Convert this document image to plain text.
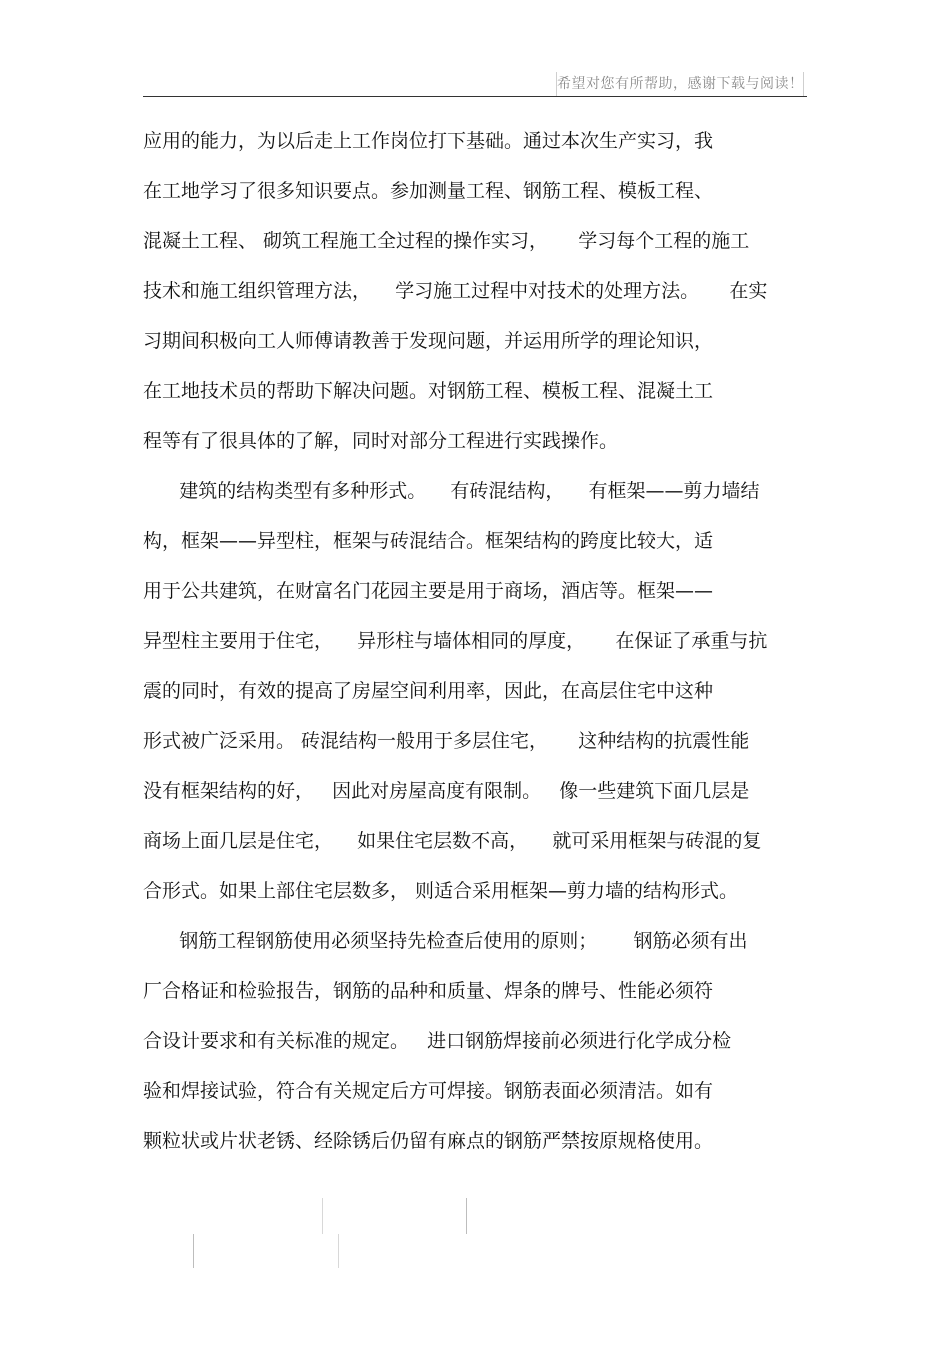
希望对您有所帮助，感谢下载与阅读！
应用的能力，为以后走上工作岗位打下基础。通过本次生产实习，我
在工地学习了很多知识要点。参加测量工程、钢筋工程、模板工程、
混凝土工程、 砌筑工程施工全过程的操作实习，     学习每个工程的施工
技术和施工组织管理方法，    学习施工过程中对技术的处理方法。     在实
习期间积极向工人师傅请教善于发现问题，并运用所学的理论知识，
在工地技术员的帮助下解决问题。对钢筋工程、模板工程、混凝土工
程等有了很具体的了解，同时对部分工程进行实践操作。
建筑的结构类型有多种形式。    有砖混结构，    有框架——剪力墙结
构，框架——异型柱，框架与砖混结合。框架结构的跨度比较大，适
用于公共建筑，在财富名门花园主要是用于商场，酒店等。框架——
异型柱主要用于住宅，    异形柱与墙体相同的厚度，     在保证了承重与抗
震的同时，有效的提高了房屋空间利用率，因此，在高层住宅中这种
形式被广泛采用。 砖混结构一般用于多层住宅，     这种结构的抗震性能
没有框架结构的好，   因此对房屋高度有限制。   像一些建筑下面几层是
商场上面几层是住宅，    如果住宅层数不高，    就可采用框架与砖混的复
合形式。如果上部住宅层数多， 则适合采用框架—剪力墙的结构形式。
钢筋工程钢筋使用必须坚持先检查后使用的原则；      钢筋必须有出
厂合格证和检验报告，钢筋的品种和质量、焊条的牌号、性能必须符
合设计要求和有关标准的规定。   进口钢筋焊接前必须进行化学成分检
验和焊接试验，符合有关规定后方可焊接。钢筋表面必须清洁。如有
颗粒状或片状老锈、经除锈后仍留有麻点的钢筋严禁按原规格使用。
